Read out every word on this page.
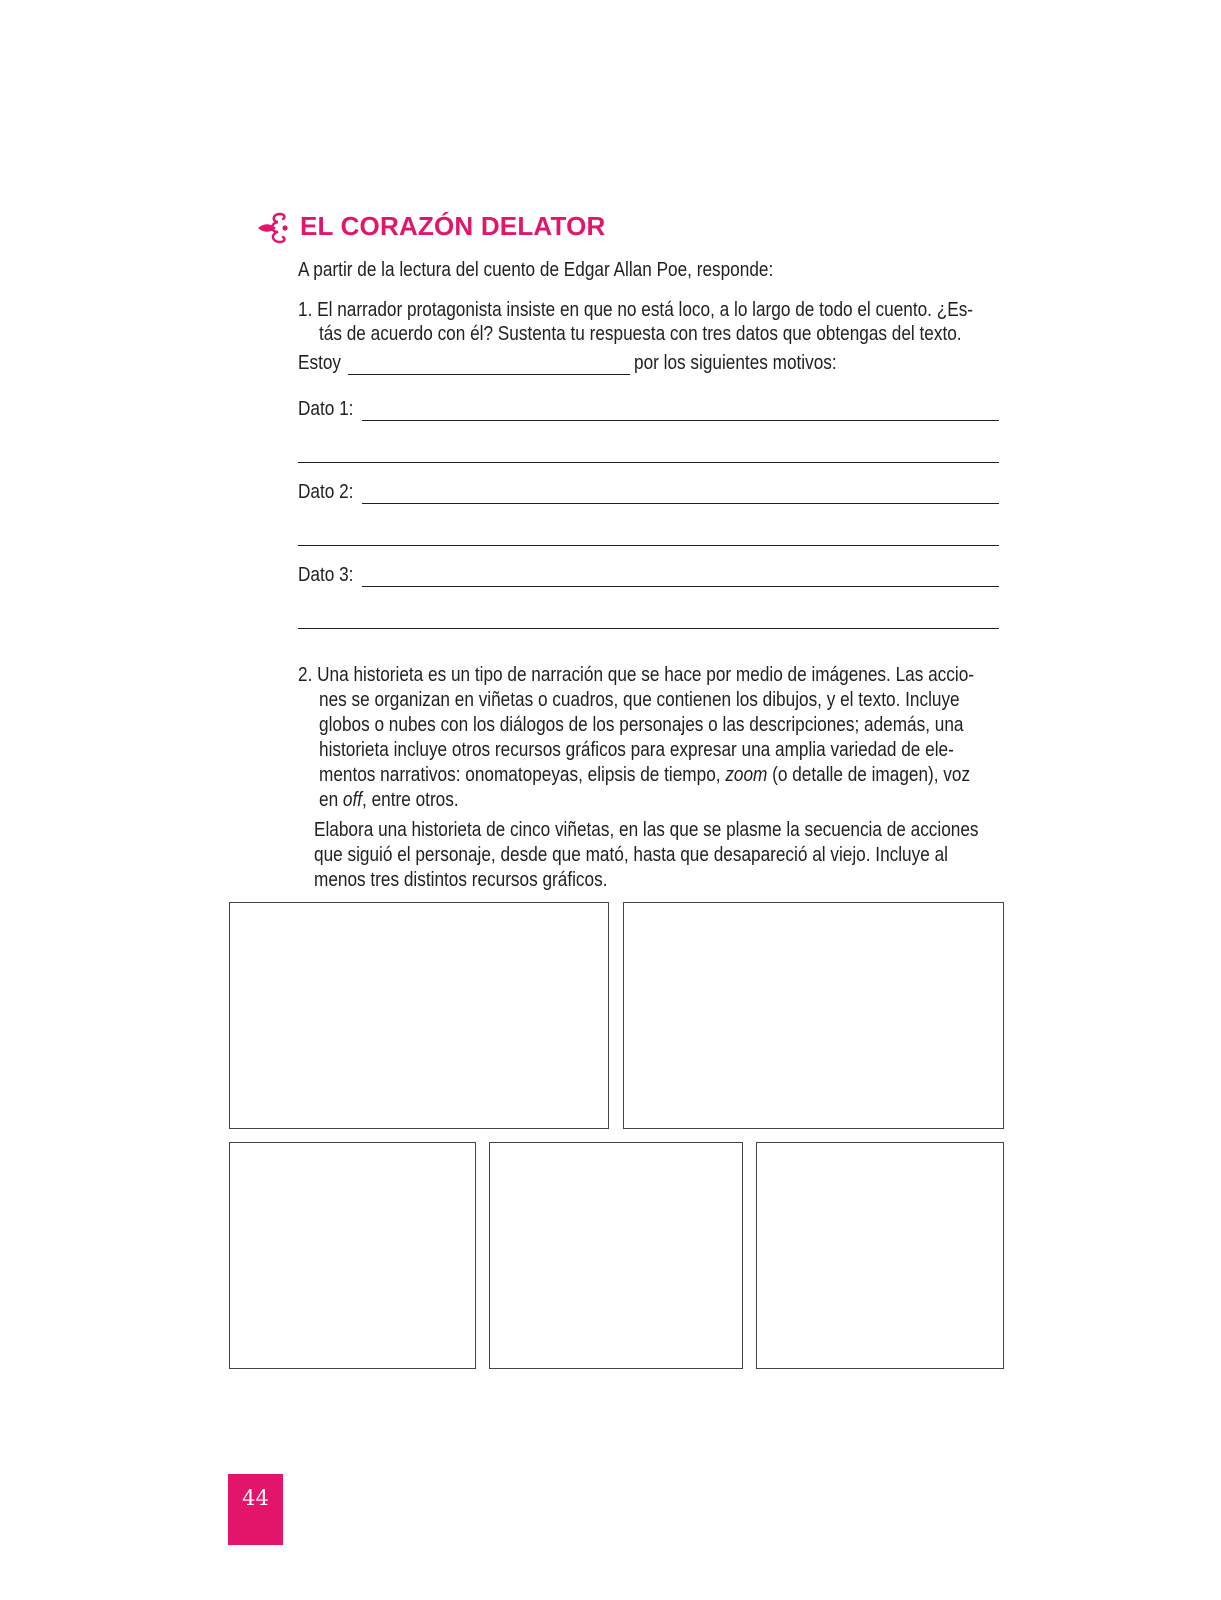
EL CORAZÓN DELATOR
A partir de la lectura del cuento de Edgar Allan Poe, responde:
1. El narrador protagonista insiste en que no está loco, a lo largo de todo el cuento. ¿Es-
tás de acuerdo con él? Sustenta tu respuesta con tres datos que obtengas del texto.
Estoy	por los siguientes motivos:
Dato 1:
Dato 2:
Dato 3:
2. Una historieta es un tipo de narración que se hace por medio de imágenes. Las accio-
nes se organizan en viñetas o cuadros, que contienen los dibujos, y el texto. Incluye
globos o nubes con los diálogos de los personajes o las descripciones; además, una
historieta incluye otros recursos gráficos para expresar una amplia variedad de ele-
mentos narrativos: onomatopeyas, elipsis de tiempo, zoom (o detalle de imagen), voz
en off, entre otros.
Elabora una historieta de cinco viñetas, en las que se plasme la secuencia de acciones
que siguió el personaje, desde que mató, hasta que desapareció al viejo. Incluye al
menos tres distintos recursos gráficos.
44
